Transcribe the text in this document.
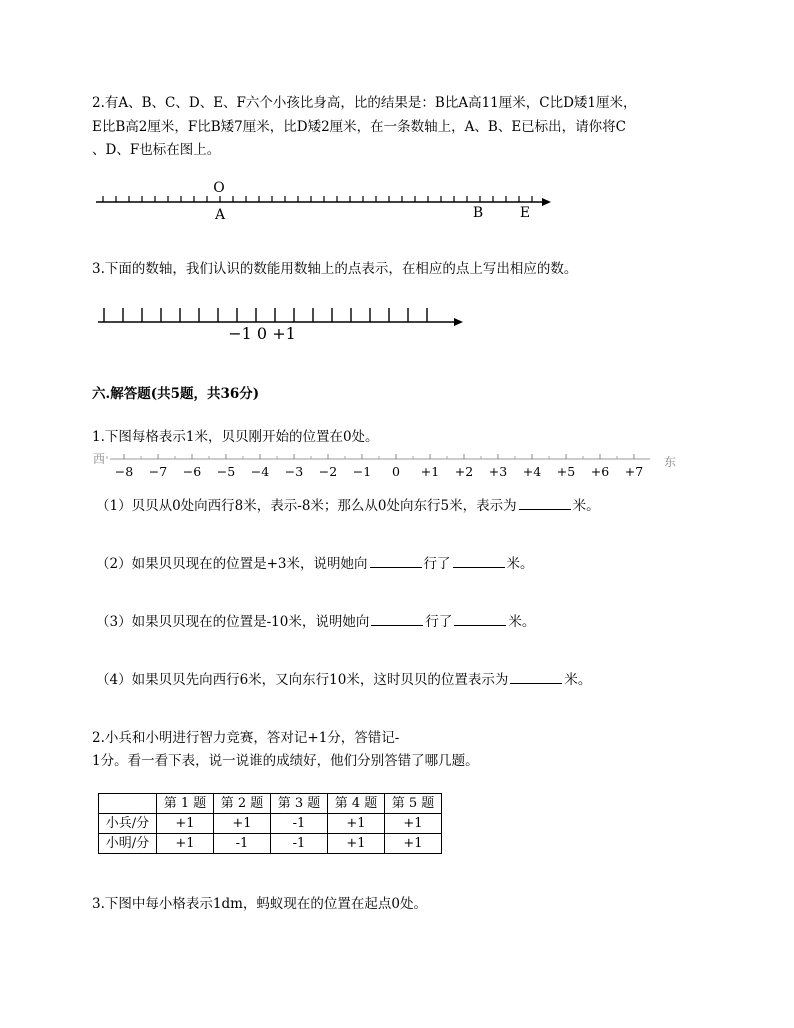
2.有A、B、C、D、E、F六个小孩比身高，比的结果是：B比A高11厘米，C比D矮1厘米，
E比B高2厘米，F比B矮7厘米，比D矮2厘米，在一条数轴上，A、B、E已标出，请你将C
、D、F也标在图上。
O
A	B	E
−1 0 +1
−8 −7 −6 −5 −4 −3 −2 −1 0 +1 +2 +3 +4 +5 +6 +7
西	东
3.下面的数轴，我们认识的数能用数轴上的点表示，在相应的点上写出相应的数。
六.解答题(共5题，共36分)
1.下图每格表示1米，贝贝刚开始的位置在0处。
（1）贝贝从0处向西行8米，表示-8米；那么从0处向东行5米，表示为	米。
（2）如果贝贝现在的位置是+3米，说明她向	行了	米。
（3）如果贝贝现在的位置是-10米，说明她向	行了	米。
（4）如果贝贝先向西行6米，又向东行10米，这时贝贝的位置表示为	米。
2.小兵和小明进行智力竞赛，答对记+1分，答错记-
1分。看一看下表，说一说谁的成绩好，他们分别答错了哪几题。
	第 1 题	第 2 题	第 3 题	第 4 题	第 5 题
小兵/分	+1	+1	-1	+1	+1
小明/分	+1	-1	-1	+1	+1
3.下图中每小格表示1dm，蚂蚁现在的位置在起点0处。
